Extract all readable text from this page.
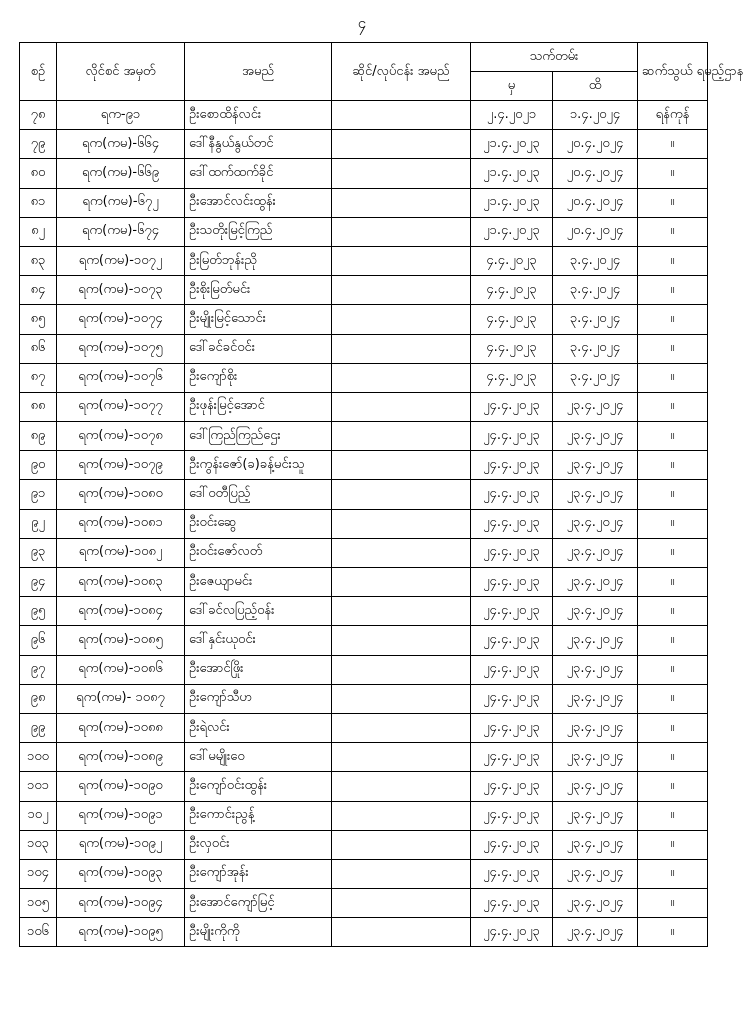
၄
စဉ်	လိုင်စင် အမှတ်	အမည်	ဆိုင်/လုပ်ငန်း အမည်	သက်တမ်း		ဆက်သွယ် ရမည့်ဌာန
				မှ	ထိ	
၇၈	ရက-၉၁	ဦးစောထိန်လင်း		၂.၄.၂၀၂၁	၁.၄.၂၀၂၄	ရန်ကုန်
၇၉	ရက(ကမ)-၆၆၄	ဒေါ်နီနွယ်နွယ်တင်		၂၁.၄.၂၀၂၃	၂၀.၄.၂၀၂၄	။
၈၀	ရက(ကမ)-၆၆၉	ဒေါ်ထက်ထက်ခိုင်		၂၁.၄.၂၀၂၃	၂၀.၄.၂၀၂၄	။
၈၁	ရက(ကမ)-၆၇၂	ဦးအောင်လင်းထွန်း		၂၁.၄.၂၀၂၃	၂၀.၄.၂၀၂၄	။
၈၂	ရက(ကမ)-၆၇၄	ဦးသတိုးမြင့်ကြည်		၂၁.၄.၂၀၂၃	၂၀.၄.၂၀၂၄	။
၈၃	ရက(ကမ)-၁၀၇၂	ဦးမြတ်ဘုန်းညို		၄.၄.၂၀၂၃	၃.၄.၂၀၂၄	။
၈၄	ရက(ကမ)-၁၀၇၃	ဦးစိုးမြတ်မင်း		၄.၄.၂၀၂၃	၃.၄.၂၀၂၄	။
၈၅	ရက(ကမ)-၁၀၇၄	ဦးမျိုးမြင့်သောင်း		၄.၄.၂၀၂၃	၃.၄.၂၀၂၄	။
၈၆	ရက(ကမ)-၁၀၇၅	ဒေါ်ခင်ခင်ဝင်း		၄.၄.၂၀၂၃	၃.၄.၂၀၂၄	။
၈၇	ရက(ကမ)-၁၀၇၆	ဦးကျော်စိုး		၄.၄.၂၀၂၃	၃.၄.၂၀၂၄	။
၈၈	ရက(ကမ)-၁၀၇၇	ဦးဖုန်းမြင့်အောင်		၂၄.၄.၂၀၂၃	၂၃.၄.၂၀၂၄	။
၈၉	ရက(ကမ)-၁၀၇၈	ဒေါ်ကြည်ကြည်ဌေး		၂၄.၄.၂၀၂၃	၂၃.၄.၂၀၂၄	။
၉၀	ရက(ကမ)-၁၀၇၉	ဦးကွန်းဇော်(ခ)ခန့်မင်းသူ		၂၄.၄.၂၀၂၃	၂၃.၄.၂၀၂၄	။
၉၁	ရက(ကမ)-၁၀၈၀	ဒေါ်ဝတီပြည့်		၂၄.၄.၂၀၂၃	၂၃.၄.၂၀၂၄	။
၉၂	ရက(ကမ)-၁၀၈၁	ဦးဝင်းဆွေ		၂၄.၄.၂၀၂၃	၂၃.၄.၂၀၂၄	။
၉၃	ရက(ကမ)-၁၀၈၂	ဦးဝင်းဇော်လတ်		၂၄.၄.၂၀၂၃	၂၃.၄.၂၀၂၄	။
၉၄	ရက(ကမ)-၁၀၈၃	ဦးဇေယျာမင်း		၂၄.၄.၂၀၂၃	၂၃.၄.၂၀၂၄	။
၉၅	ရက(ကမ)-၁၀၈၄	ဒေါ်ခင်လပြည့်ဝန်း		၂၄.၄.၂၀၂၃	၂၃.၄.၂၀၂၄	။
၉၆	ရက(ကမ)-၁၀၈၅	ဒေါ်နှင်းယုဝင်း		၂၄.၄.၂၀၂၃	၂၃.၄.၂၀၂၄	။
၉၇	ရက(ကမ)-၁၀၈၆	ဦးအောင်ဖြိုး		၂၄.၄.၂၀၂၃	၂၃.၄.၂၀၂၄	။
၉၈	ရက(ကမ)- ၁၀၈၇	ဦးကျော်သီဟ		၂၄.၄.၂၀၂၃	၂၃.၄.၂၀၂၄	။
၉၉	ရက(ကမ)-၁၀၈၈	ဦးရဲလင်း		၂၄.၄.၂၀၂၃	၂၃.၄.၂၀၂၄	။
၁၀၀	ရက(ကမ)-၁၀၈၉	ဒေါ်မမျိုးဝေ		၂၄.၄.၂၀၂၃	၂၃.၄.၂၀၂၄	။
၁၀၁	ရက(ကမ)-၁၀၉၀	ဦးကျော်ဝင်းထွန်း		၂၄.၄.၂၀၂၃	၂၃.၄.၂၀၂၄	။
၁၀၂	ရက(ကမ)-၁၀၉၁	ဦးကောင်းညွန့်		၂၄.၄.၂၀၂၃	၂၃.၄.၂၀၂၄	။
၁၀၃	ရက(ကမ)-၁၀၉၂	ဦးလှဝင်း		၂၄.၄.၂၀၂၃	၂၃.၄.၂၀၂၄	။
၁၀၄	ရက(ကမ)-၁၀၉၃	ဦးကျော်အုန်း		၂၄.၄.၂၀၂၃	၂၃.၄.၂၀၂၄	။
၁၀၅	ရက(ကမ)-၁၀၉၄	ဦးအောင်ကျော်မြင့်		၂၄.၄.၂၀၂၃	၂၃.၄.၂၀၂၄	။
၁၀၆	ရက(ကမ)-၁၀၉၅	ဦးမျိုးကိုကို		၂၄.၄.၂၀၂၃	၂၃.၄.၂၀၂၄	။
